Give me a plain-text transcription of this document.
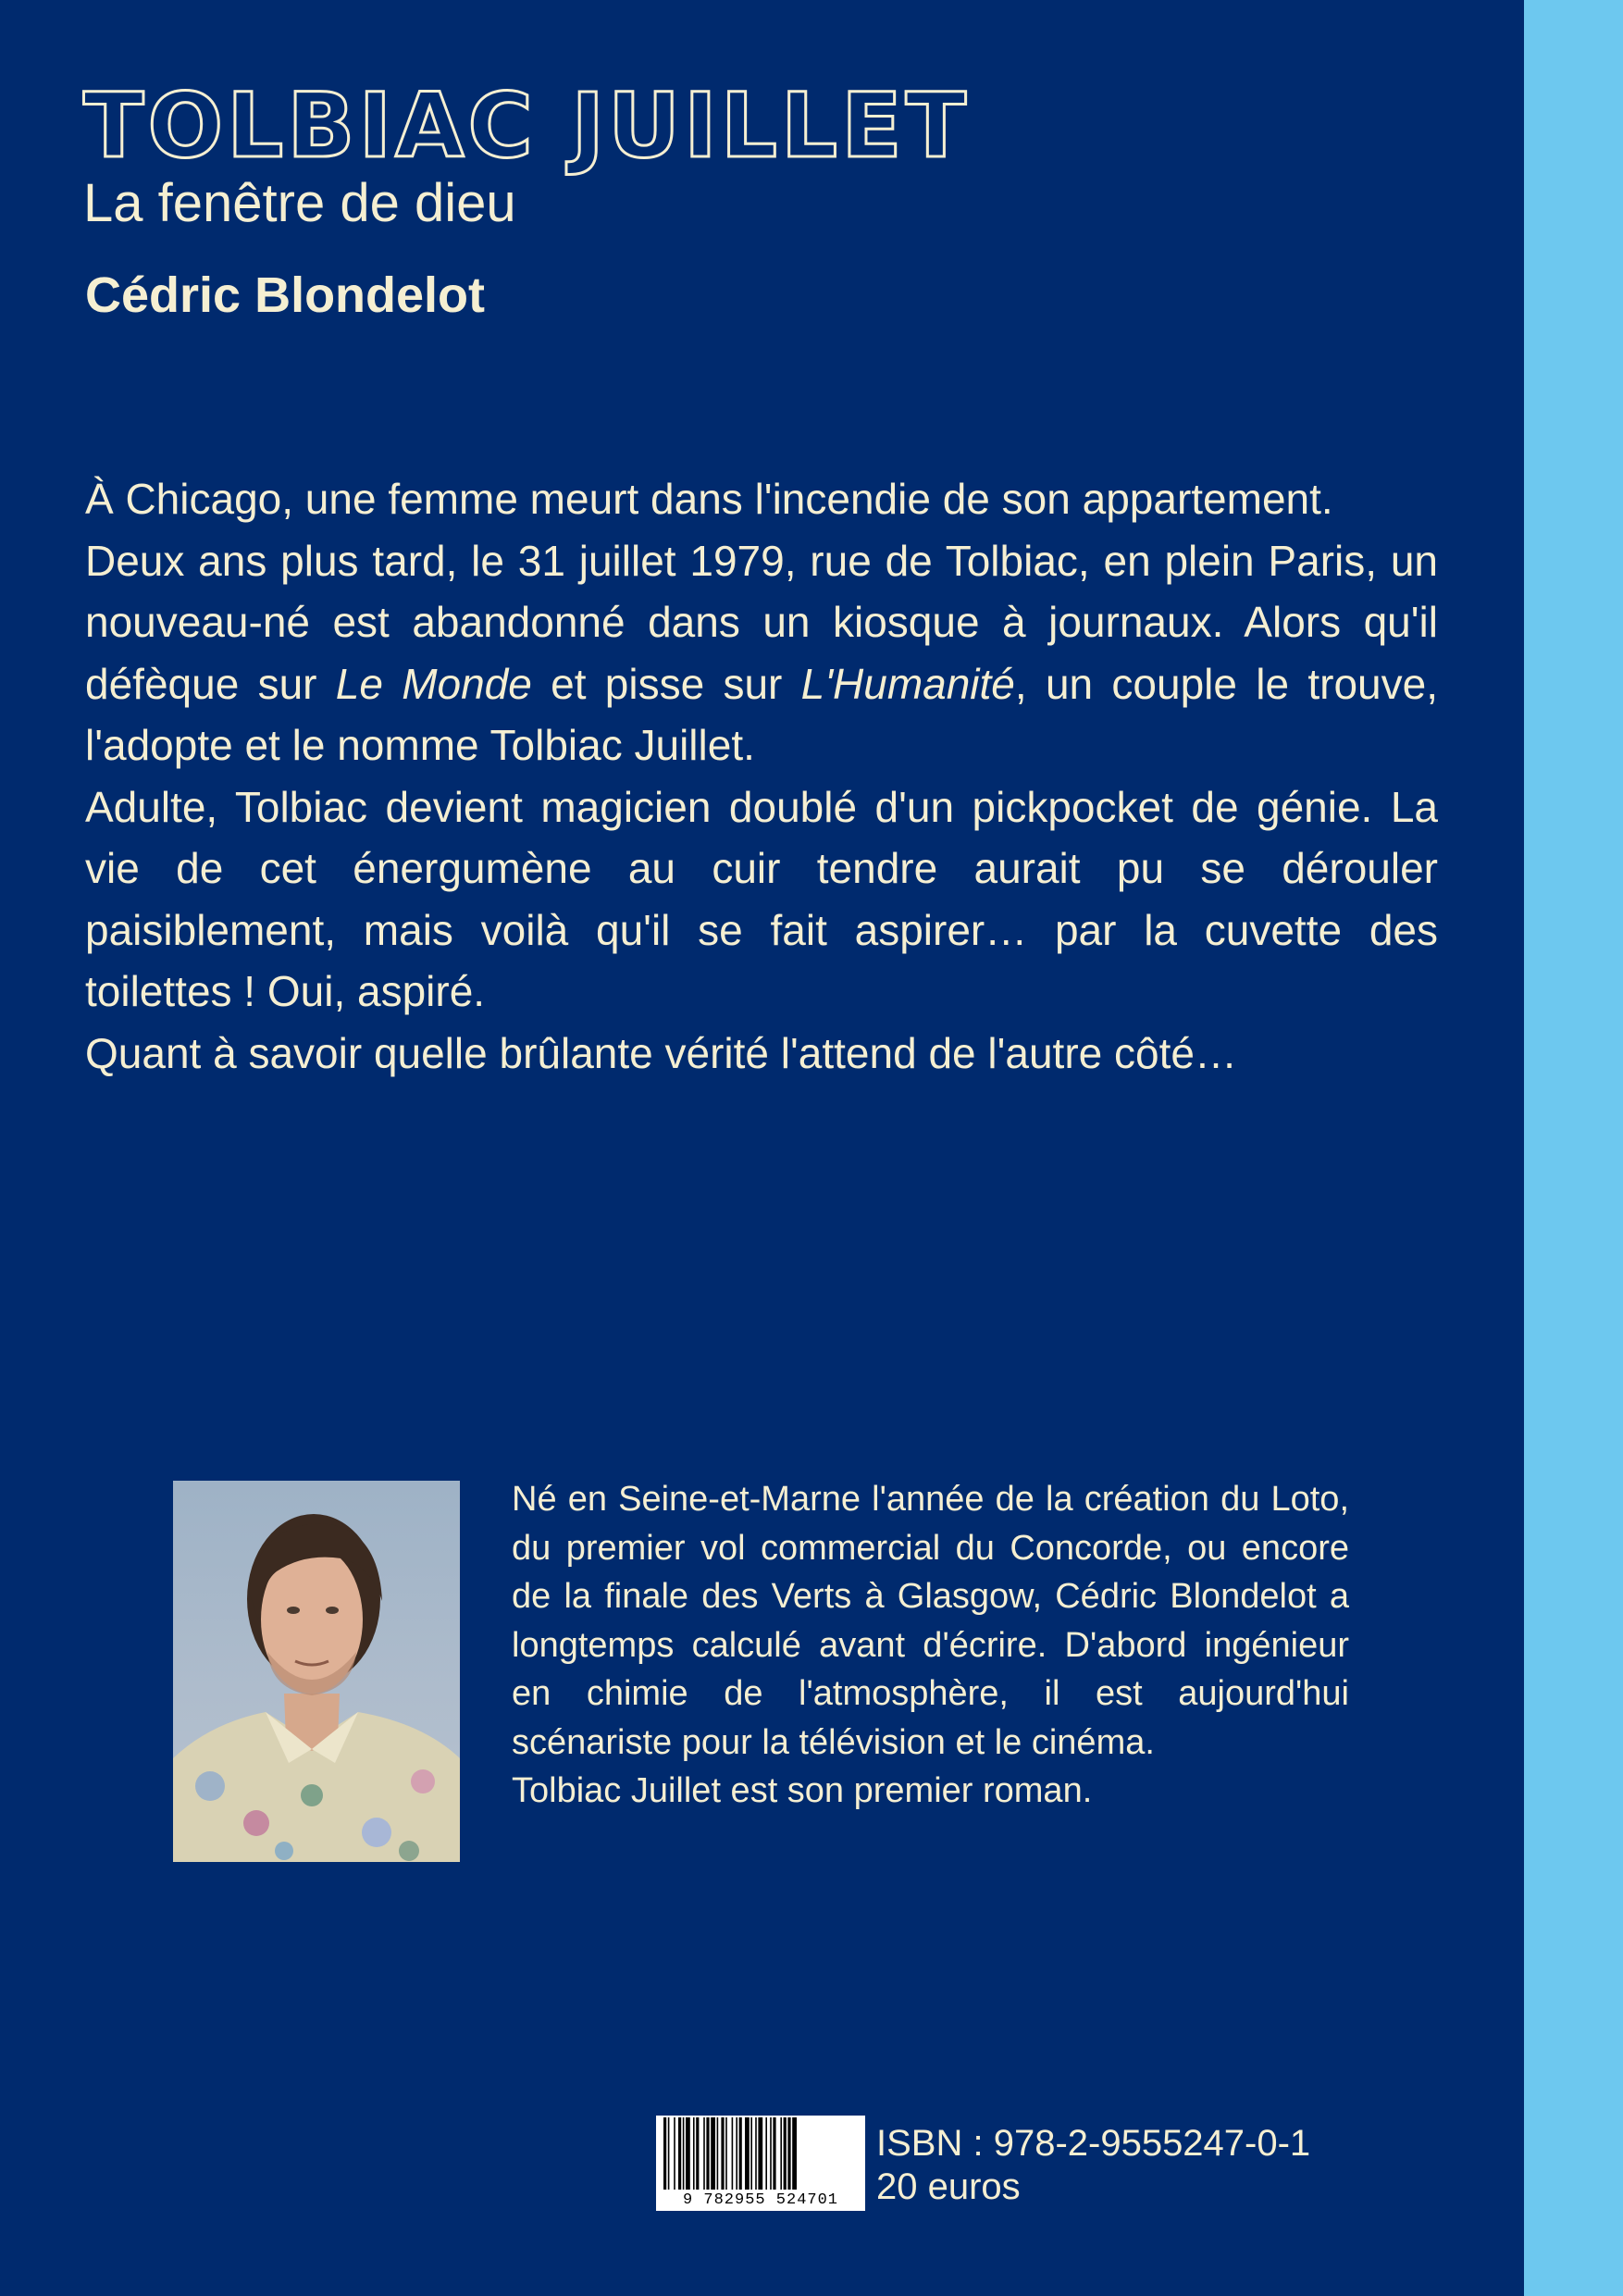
TOLBIAC JUILLET
La fenêtre de dieu
Cédric Blondelot

À Chicago, une femme meurt dans l'incendie de son appartement.

Deux ans plus tard, le 31 juillet 1979, rue de Tolbiac, en plein Paris, un nouveau-né est abandonné dans un kiosque à journaux. Alors qu'il défèque sur Le Monde et pisse sur L'Humanité, un couple le trouve, l'adopte et le nomme Tolbiac Juillet.

Adulte, Tolbiac devient magicien doublé d'un pickpocket de génie. La vie de cet énergumène au cuir tendre aurait pu se dérouler paisiblement, mais voilà qu'il se fait aspirer… par la cuvette des toilettes ! Oui, aspiré.

Quant à savoir quelle brûlante vérité l'attend de l'autre côté…

Né en Seine-et-Marne l'année de la création du Loto, du premier vol commercial du Concorde, ou encore de la finale des Verts à Glasgow, Cédric Blondelot a longtemps calculé avant d'écrire. D'abord ingénieur en chimie de l'atmosphère, il est aujourd'hui scénariste pour la télévision et le cinéma.

Tolbiac Juillet est son premier roman.

9 782955 524701
ISBN : 978-2-9555247-0-1
20 euros
